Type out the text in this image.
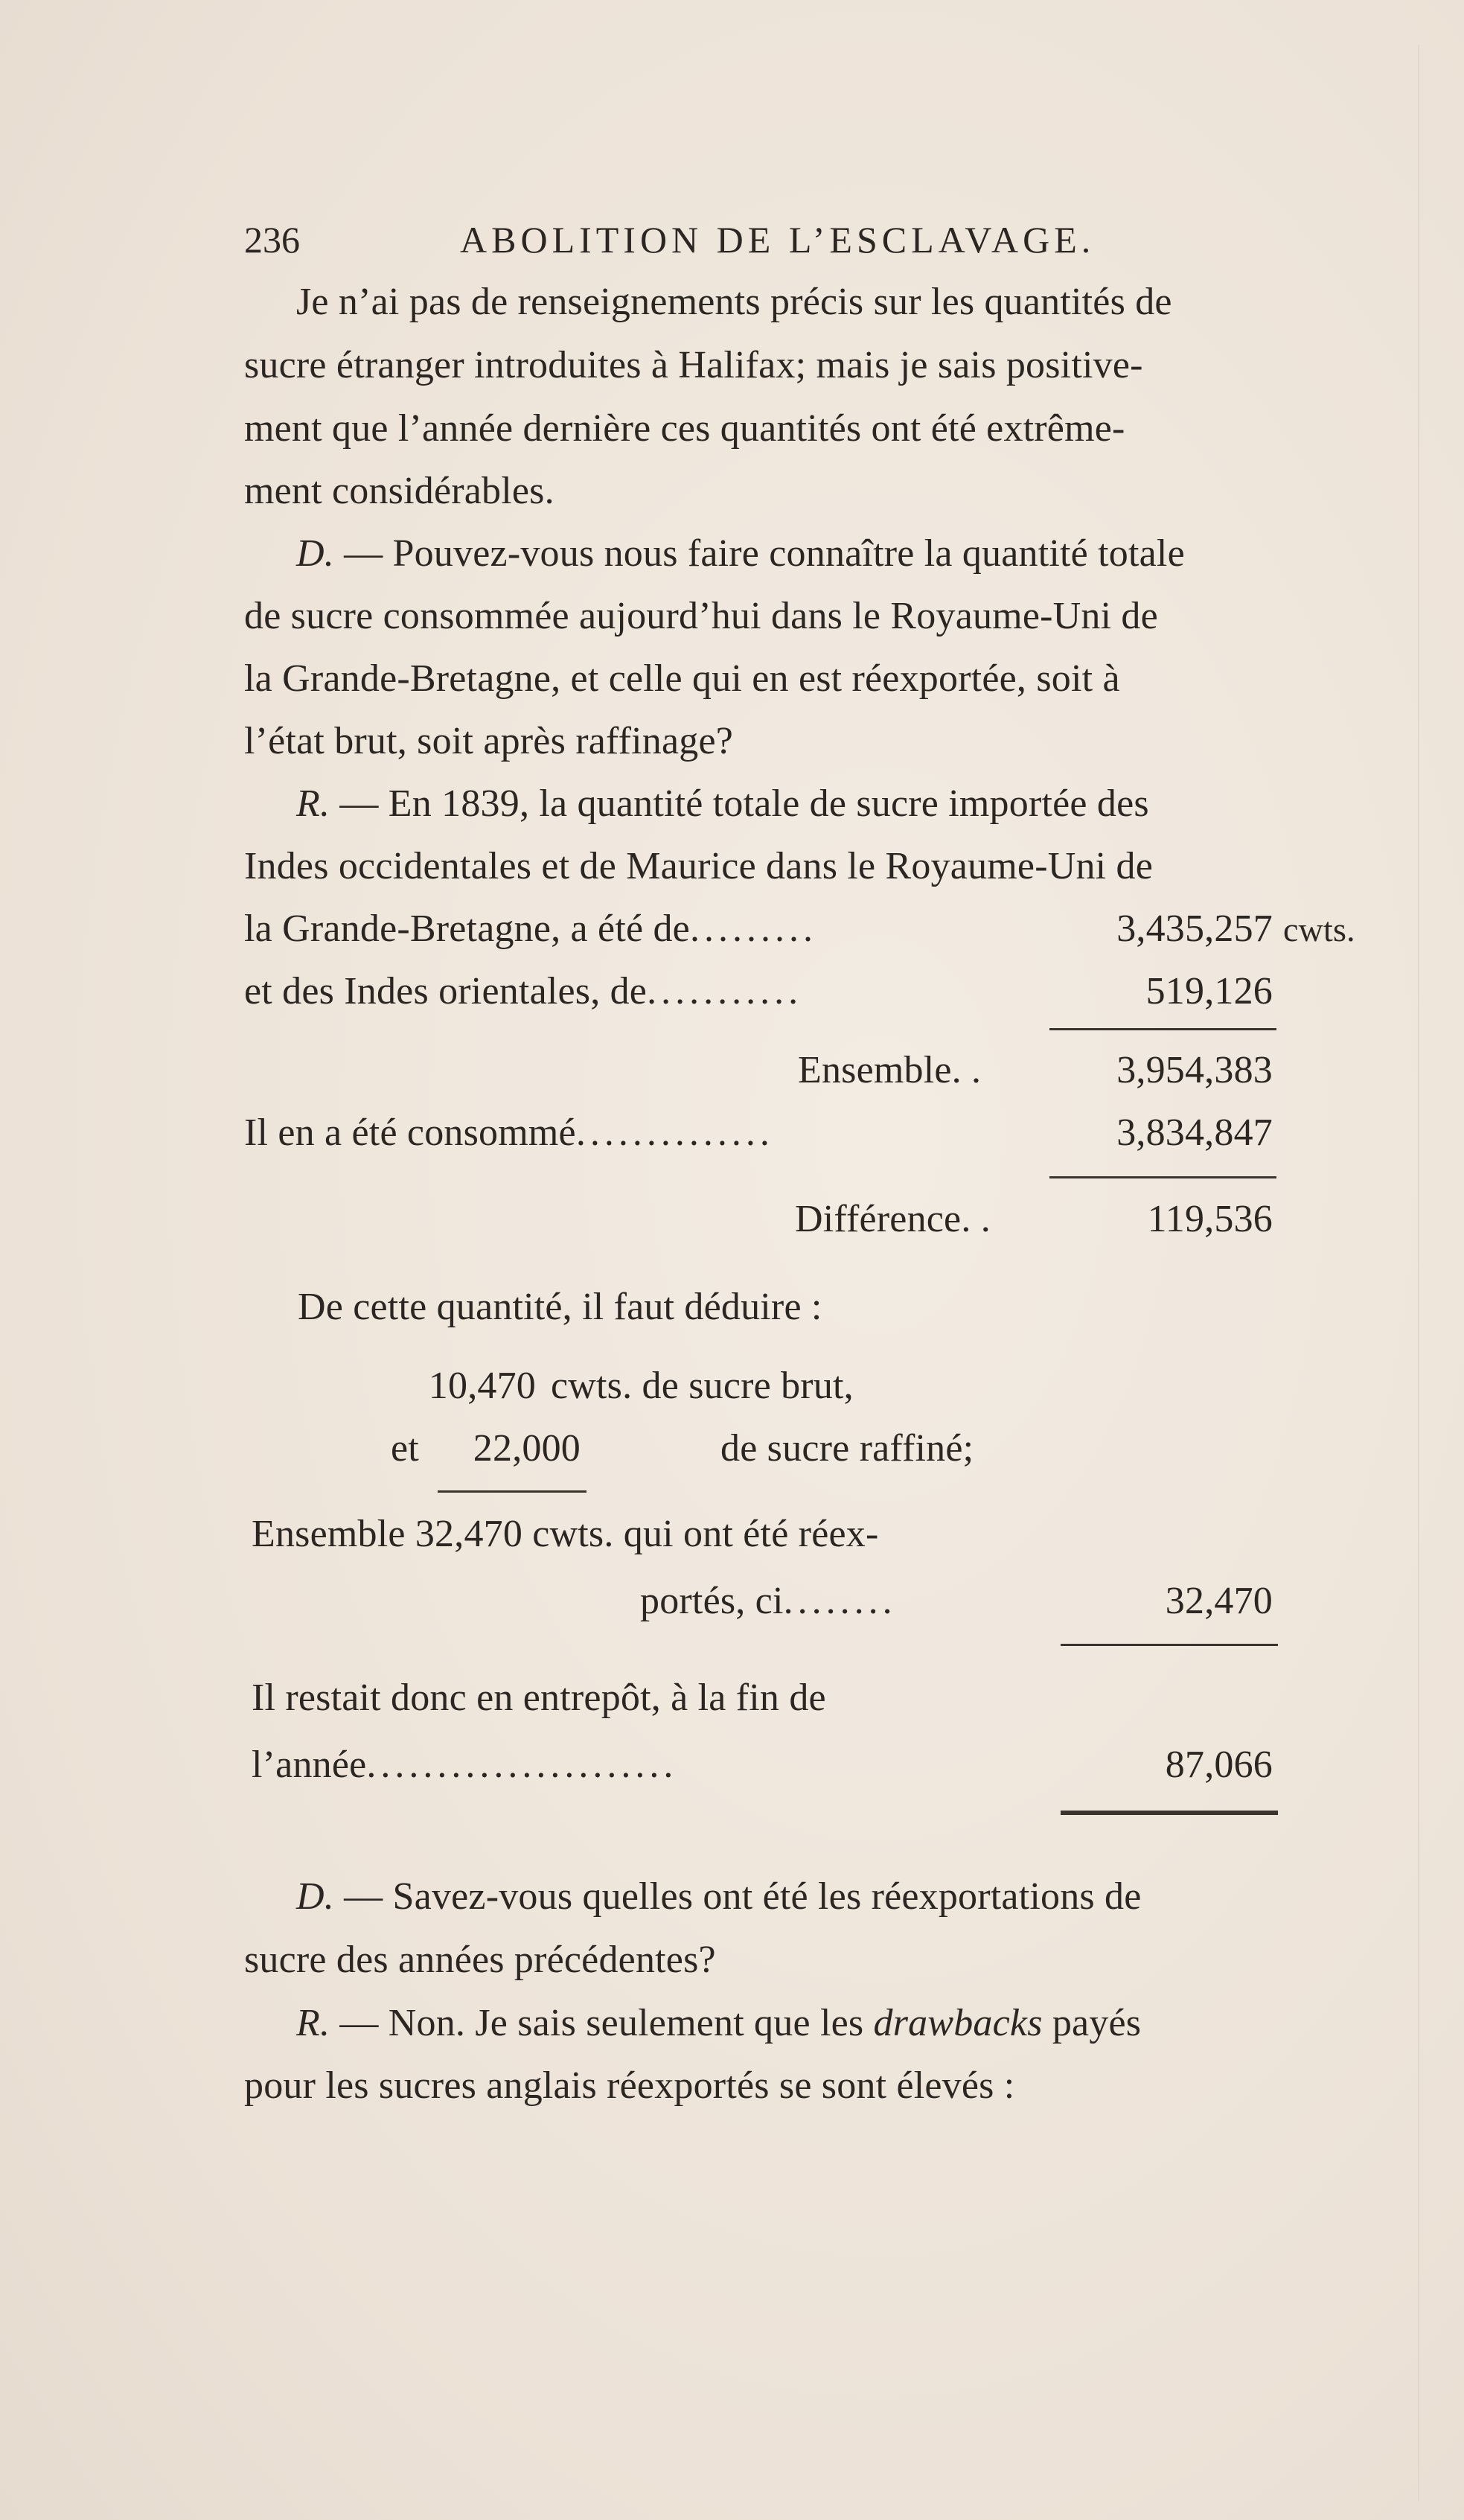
236	ABOLITION DE L’ESCLAVAGE.
Je n’ai pas de renseignements précis sur les quantités de
sucre étranger introduites à Halifax; mais je sais positive-
ment que l’année dernière ces quantités ont été extrême-
ment considérables.
D. — Pouvez-vous nous faire connaître la quantité totale
de sucre consommée aujourd’hui dans le Royaume-Uni de
la Grande-Bretagne, et celle qui en est réexportée, soit à
l’état brut, soit après raffinage?
R. — En 1839, la quantité totale de sucre importée des
Indes occidentales et de Maurice dans le Royaume-Uni de
la Grande-Bretagne, a été de.........	3,435,257 cwts.
et des Indes orientales, de...........	519,126
Ensemble. .	3,954,383
Il en a été consommé..............	3,834,847
Différence. .	119,536
De cette quantité, il faut déduire :
10,470 cwts. de sucre brut,
et	22,000	de sucre raffiné;
Ensemble 32,470 cwts. qui ont été réex-
portés, ci........	32,470
Il restait donc en entrepôt, à la fin de
l’année......................	87,066
D. — Savez-vous quelles ont été les réexportations de
sucre des années précédentes?
R. — Non. Je sais seulement que les drawbacks payés
pour les sucres anglais réexportés se sont élevés :
